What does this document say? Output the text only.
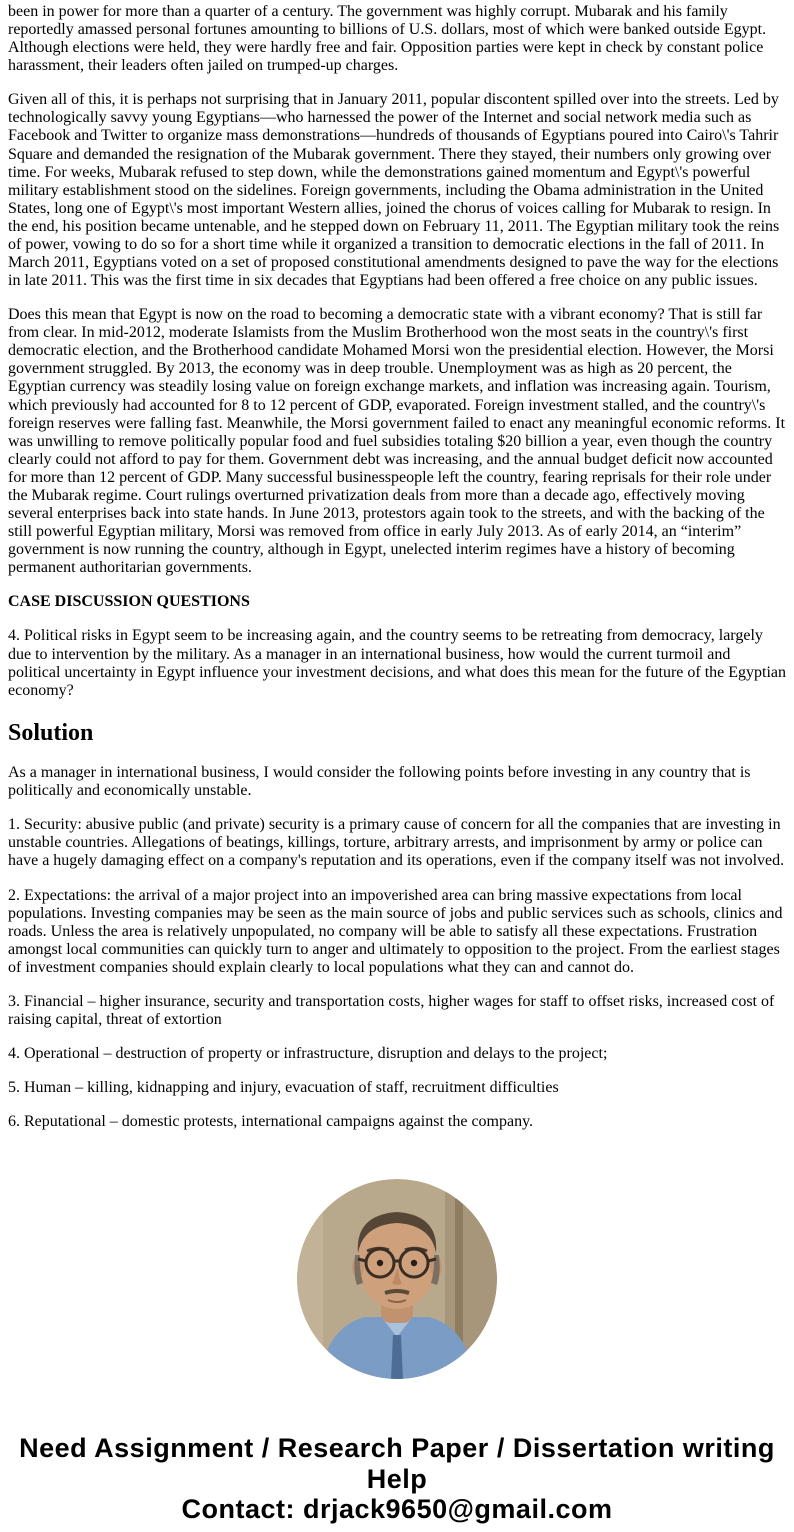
been in power for more than a quarter of a century. The government was highly corrupt. Mubarak and his family reportedly amassed personal fortunes amounting to billions of U.S. dollars, most of which were banked outside Egypt. Although elections were held, they were hardly free and fair. Opposition parties were kept in check by constant police harassment, their leaders often jailed on trumped-up charges.

Given all of this, it is perhaps not surprising that in January 2011, popular discontent spilled over into the streets. Led by technologically savvy young Egyptians—who harnessed the power of the Internet and social network media such as Facebook and Twitter to organize mass demonstrations—hundreds of thousands of Egyptians poured into Cairo\'s Tahrir Square and demanded the resignation of the Mubarak government. There they stayed, their numbers only growing over time. For weeks, Mubarak refused to step down, while the demonstrations gained momentum and Egypt\'s powerful military establishment stood on the sidelines. Foreign governments, including the Obama administration in the United States, long one of Egypt\'s most important Western allies, joined the chorus of voices calling for Mubarak to resign. In the end, his position became untenable, and he stepped down on February 11, 2011. The Egyptian military took the reins of power, vowing to do so for a short time while it organized a transition to democratic elections in the fall of 2011. In March 2011, Egyptians voted on a set of proposed constitutional amendments designed to pave the way for the elections in late 2011. This was the first time in six decades that Egyptians had been offered a free choice on any public issues.

Does this mean that Egypt is now on the road to becoming a democratic state with a vibrant economy? That is still far from clear. In mid-2012, moderate Islamists from the Muslim Brotherhood won the most seats in the country\'s first democratic election, and the Brotherhood candidate Mohamed Morsi won the presidential election. However, the Morsi government struggled. By 2013, the economy was in deep trouble. Unemployment was as high as 20 percent, the Egyptian currency was steadily losing value on foreign exchange markets, and inflation was increasing again. Tourism, which previously had accounted for 8 to 12 percent of GDP, evaporated. Foreign investment stalled, and the country\'s foreign reserves were falling fast. Meanwhile, the Morsi government failed to enact any meaningful economic reforms. It was unwilling to remove politically popular food and fuel subsidies totaling $20 billion a year, even though the country clearly could not afford to pay for them. Government debt was increasing, and the annual budget deficit now accounted for more than 12 percent of GDP. Many successful businesspeople left the country, fearing reprisals for their role under the Mubarak regime. Court rulings overturned privatization deals from more than a decade ago, effectively moving several enterprises back into state hands. In June 2013, protestors again took to the streets, and with the backing of the still powerful Egyptian military, Morsi was removed from office in early July 2013. As of early 2014, an “interim” government is now running the country, although in Egypt, unelected interim regimes have a history of becoming permanent authoritarian governments.

CASE DISCUSSION QUESTIONS

4. Political risks in Egypt seem to be increasing again, and the country seems to be retreating from democracy, largely due to intervention by the military. As a manager in an international business, how would the current turmoil and political uncertainty in Egypt influence your investment decisions, and what does this mean for the future of the Egyptian economy?

Solution

As a manager in international business, I would consider the following points before investing in any country that is politically and economically unstable.

1. Security: abusive public (and private) security is a primary cause of concern for all the companies that are investing in unstable countries. Allegations of beatings, killings, torture, arbitrary arrests, and imprisonment by army or police can have a hugely damaging effect on a company's reputation and its operations, even if the company itself was not involved.

2. Expectations: the arrival of a major project into an impoverished area can bring massive expectations from local populations. Investing companies may be seen as the main source of jobs and public services such as schools, clinics and roads. Unless the area is relatively unpopulated, no company will be able to satisfy all these expectations. Frustration amongst local communities can quickly turn to anger and ultimately to opposition to the project. From the earliest stages of investment companies should explain clearly to local populations what they can and cannot do.

3. Financial – higher insurance, security and transportation costs, higher wages for staff to offset risks, increased cost of raising capital, threat of extortion

4. Operational – destruction of property or infrastructure, disruption and delays to the project;

5. Human – killing, kidnapping and injury, evacuation of staff, recruitment difficulties

6. Reputational – domestic protests, international campaigns against the company.

Need Assignment / Research Paper / Dissertation writing Help
Contact: drjack9650@gmail.com
